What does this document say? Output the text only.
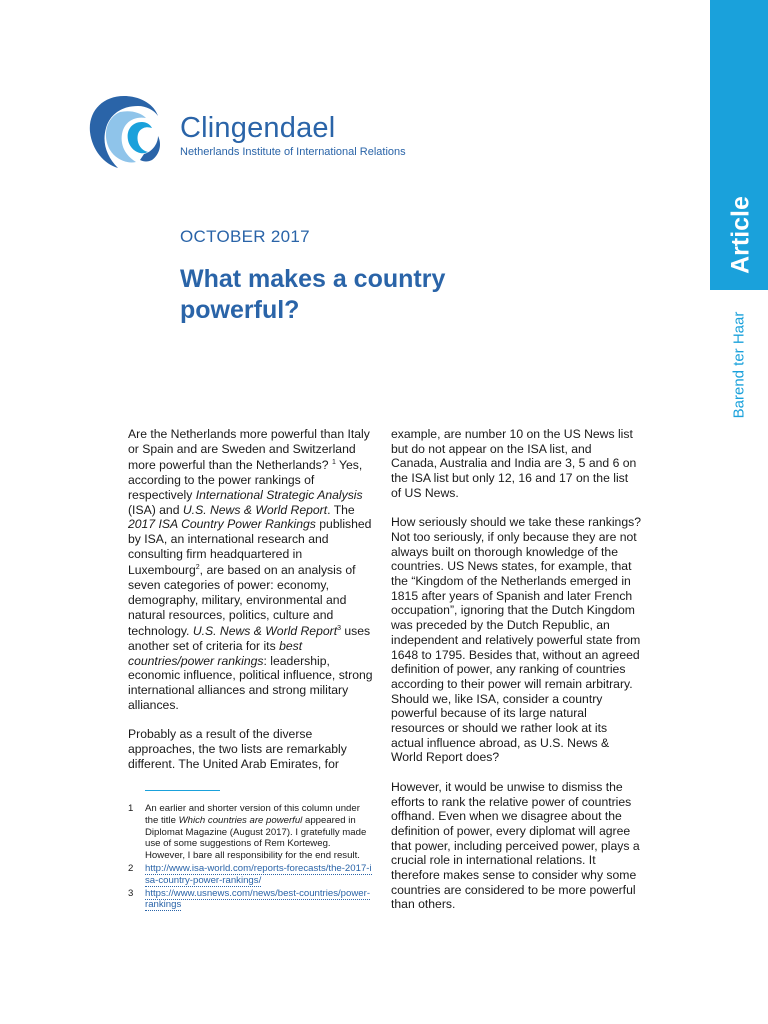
Article
Barend ter Haar
Clingendael
Netherlands Institute of International Relations
OCTOBER 2017
What makes a country powerful?

Are the Netherlands more powerful than Italy or Spain and are Sweden and Switzerland more powerful than the Netherlands? $^1$ Yes, according to the power rankings of respectively International Strategic Analysis (ISA) and U.S. News & World Report. The 2017 ISA Country Power Rankings published by ISA, an international research and consulting firm headquartered in Luxembourg$^2$, are based on an analysis of seven categories of power: economy, demography, military, environmental and natural resources, politics, culture and technology. U.S. News & World Report$^3$ uses another set of criteria for its best countries/power rankings: leadership, economic influence, political influence, strong international alliances and strong military alliances.

Probably as a result of the diverse approaches, the two lists are remarkably different. The United Arab Emirates, for

example, are number 10 on the US News list but do not appear on the ISA list, and Canada, Australia and India are 3, 5 and 6 on the ISA list but only 12, 16 and 17 on the list of US News.

How seriously should we take these rankings? Not too seriously, if only because they are not always built on thorough knowledge of the countries. US News states, for example, that the “Kingdom of the Netherlands emerged in 1815 after years of Spanish and later French occupation”, ignoring that the Dutch Kingdom was preceded by the Dutch Republic, an independent and relatively powerful state from 1648 to 1795. Besides that, without an agreed definition of power, any ranking of countries according to their power will remain arbitrary. Should we, like ISA, consider a country powerful because of its large natural resources or should we rather look at its actual influence abroad, as U.S. News & World Report does?

However, it would be unwise to dismiss the efforts to rank the relative power of countries offhand. Even when we disagree about the definition of power, every diplomat will agree that power, including perceived power, plays a crucial role in international relations. It therefore makes sense to consider why some countries are considered to be more powerful than others.

1	An earlier and shorter version of this column under the title Which countries are powerful appeared in Diplomat Magazine (August 2017). I gratefully made use of some suggestions of Rem Korteweg. However, I bare all responsibility for the end result.
2	http://www.isa-world.com/reports-forecasts/the-2017-isa-country-power-rankings/
3	https://www.usnews.com/news/best-countries/power-rankings
